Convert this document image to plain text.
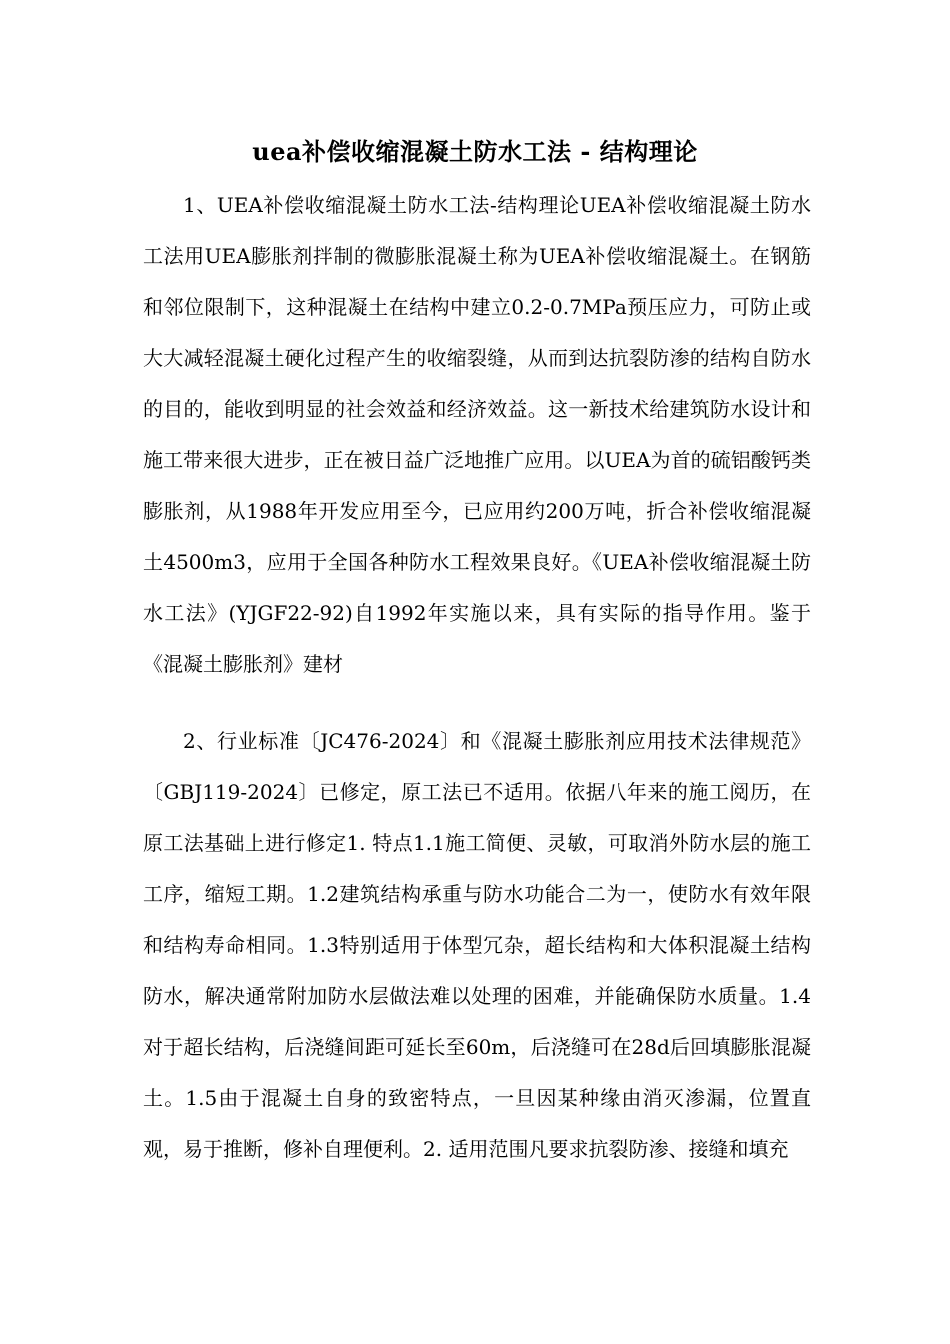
uea补偿收缩混凝土防水工法 - 结构理论

1、UEA补偿收缩混凝土防水工法-结构理论UEA补偿收缩混凝土防水工法用UEA膨胀剂拌制的微膨胀混凝土称为UEA补偿收缩混凝土。在钢筋和邻位限制下，这种混凝土在结构中建立0.2-0.7MPa预压应力，可防止或大大减轻混凝土硬化过程产生的收缩裂缝，从而到达抗裂防渗的结构自防水的目的，能收到明显的社会效益和经济效益。这一新技术给建筑防水设计和施工带来很大进步，正在被日益广泛地推广应用。以UEA为首的硫铝酸钙类膨胀剂，从1988年开发应用至今，已应用约200万吨，折合补偿收缩混凝土4500m3，应用于全国各种防水工程效果良好。《UEA补偿收缩混凝土防水工法》(YJGF22-92)自1992年实施以来，具有实际的指导作用。鉴于《混凝土膨胀剂》建材

2、行业标准〔JC476-2024〕和《混凝土膨胀剂应用技术法律规范》〔GBJ119-2024〕已修定，原工法已不适用。依据八年来的施工阅历，在原工法基础上进行修定1. 特点1.1施工简便、灵敏，可取消外防水层的施工工序，缩短工期。1.2建筑结构承重与防水功能合二为一，使防水有效年限和结构寿命相同。1.3特别适用于体型冗杂，超长结构和大体积混凝土结构防水，解决通常附加防水层做法难以处理的困难，并能确保防水质量。1.4对于超长结构，后浇缝间距可延长至60m，后浇缝可在28d后回填膨胀混凝土。1.5由于混凝土自身的致密特点，一旦因某种缘由消灭渗漏，位置直观，易于推断，修补自理便利。2. 适用范围凡要求抗裂防渗、接缝和填充
